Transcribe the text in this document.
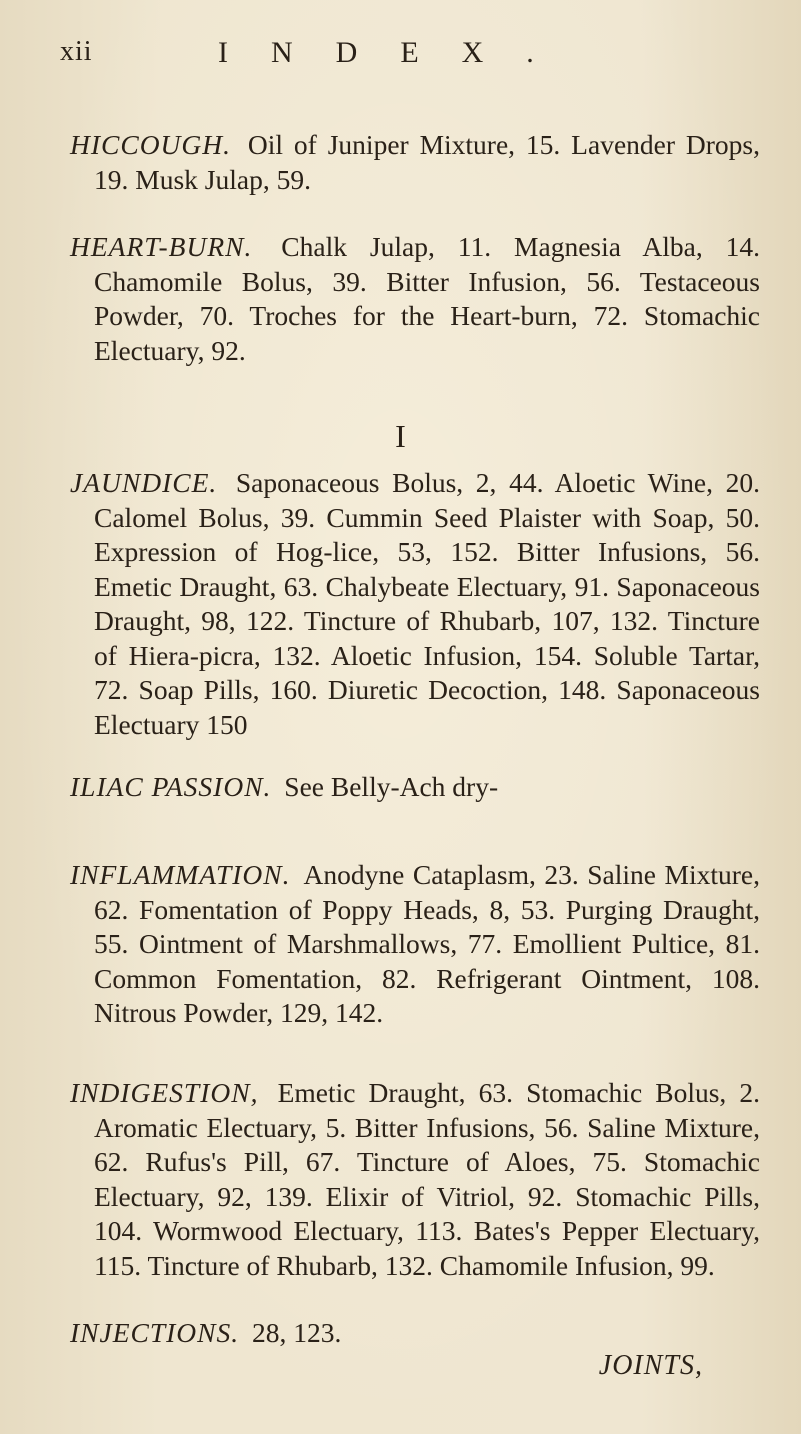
xii	INDEX.

HICCOUGH. Oil of Juniper Mixture, 15. Lavender Drops, 19. Musk Julap, 59.

HEART-BURN. Chalk Julap, 11. Magnesia Alba, 14. Chamomile Bolus, 39. Bitter Infusion, 56. Testaceous Powder, 70. Troches for the Heart-burn, 72. Stomachic Electuary, 92.

I

JAUNDICE. Saponaceous Bolus, 2, 44. Aloetic Wine, 20. Calomel Bolus, 39. Cummin Seed Plaister with Soap, 50. Expression of Hog-lice, 53, 152. Bitter Infusions, 56. Emetic Draught, 63. Chalybeate Electuary, 91. Saponaceous Draught, 98, 122. Tincture of Rhubarb, 107, 132. Tincture of Hiera-picra, 132. Aloetic Infusion, 154. Soluble Tartar, 72. Soap Pills, 160. Diuretic Decoction, 148. Saponaceous Electuary 150

ILIAC PASSION. See Belly-Ach dry-

INFLAMMATION. Anodyne Cataplasm, 23. Saline Mixture, 62. Fomentation of Poppy Heads, 8, 53. Purging Draught, 55. Ointment of Marshmallows, 77. Emollient Pultice, 81. Common Fomentation, 82. Refrigerant Ointment, 108. Nitrous Powder, 129, 142.

INDIGESTION, Emetic Draught, 63. Stomachic Bolus, 2. Aromatic Electuary, 5. Bitter Infusions, 56. Saline Mixture, 62. Rufus's Pill, 67. Tincture of Aloes, 75. Stomachic Electuary, 92, 139. Elixir of Vitriol, 92. Stomachic Pills, 104. Wormwood Electuary, 113. Bates's Pepper Electuary, 115. Tincture of Rhubarb, 132. Chamomile Infusion, 99.

INJECTIONS. 28, 123.

JOINTS,
